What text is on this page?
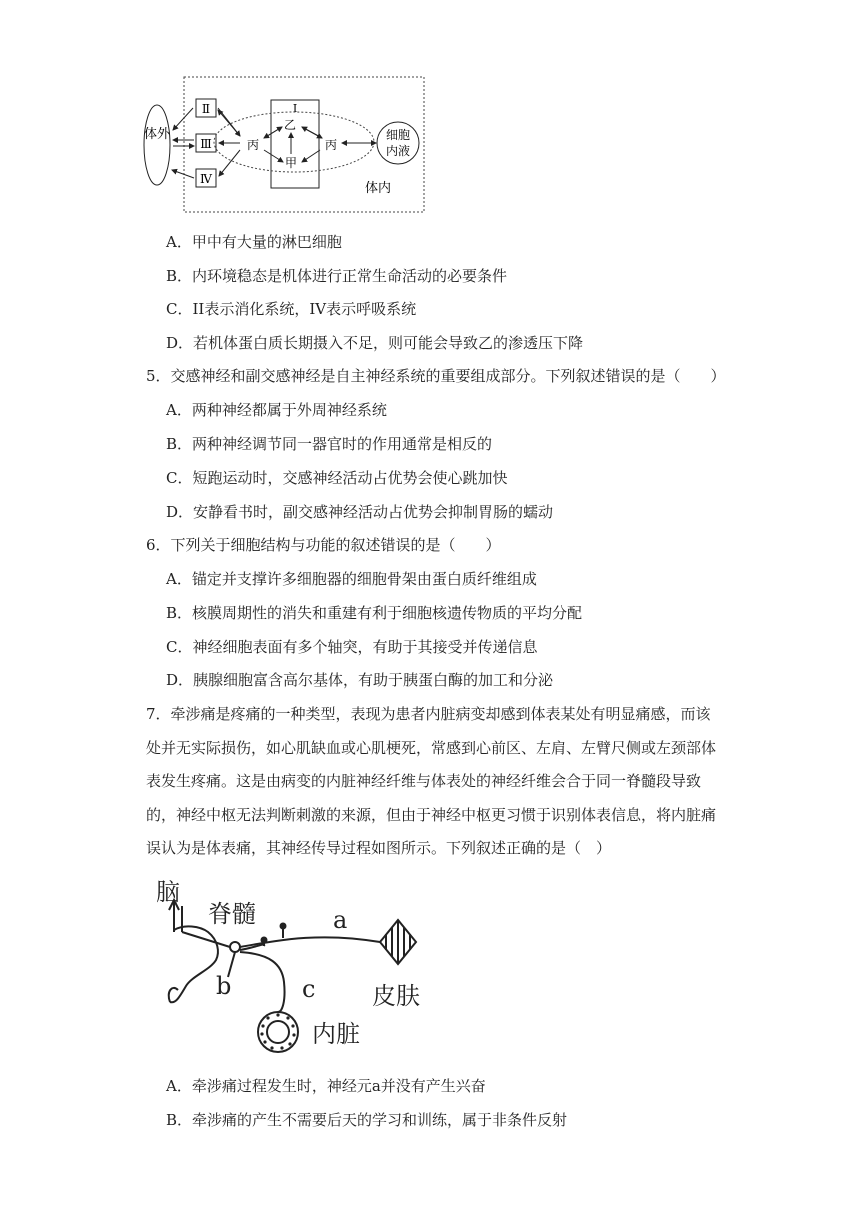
体外
Ⅱ
Ⅲ
Ⅳ
Ⅰ
乙
丙	丙
甲
细胞
内液
体内
A．甲中有大量的淋巴细胞
B．内环境稳态是机体进行正常生命活动的必要条件
C．II表示消化系统，IV表示呼吸系统
D．若机体蛋白质长期摄入不足，则可能会导致乙的渗透压下降
5．交感神经和副交感神经是自主神经系统的重要组成部分。下列叙述错误的是（　　）
A．两种神经都属于外周神经系统
B．两种神经调节同一器官时的作用通常是相反的
C．短跑运动时，交感神经活动占优势会使心跳加快
D．安静看书时，副交感神经活动占优势会抑制胃肠的蠕动
6．下列关于细胞结构与功能的叙述错误的是（　　）
A．锚定并支撑许多细胞器的细胞骨架由蛋白质纤维组成
B．核膜周期性的消失和重建有利于细胞核遗传物质的平均分配
C．神经细胞表面有多个轴突，有助于其接受并传递信息
D．胰腺细胞富含高尔基体，有助于胰蛋白酶的加工和分泌
7．牵涉痛是疼痛的一种类型，表现为患者内脏病变却感到体表某处有明显痛感，而该
处并无实际损伤，如心肌缺血或心肌梗死，常感到心前区、左肩、左臂尺侧或左颈部体
表发生疼痛。这是由病变的内脏神经纤维与体表处的神经纤维会合于同一脊髓段导致
的，神经中枢无法判断刺激的来源，但由于神经中枢更习惯于识别体表信息，将内脏痛
误认为是体表痛，其神经传导过程如图所示。下列叙述正确的是（　）
脑
脊髓	a
b	c 皮肤
内脏
A．牵涉痛过程发生时，神经元a并没有产生兴奋
B．牵涉痛的产生不需要后天的学习和训练，属于非条件反射
